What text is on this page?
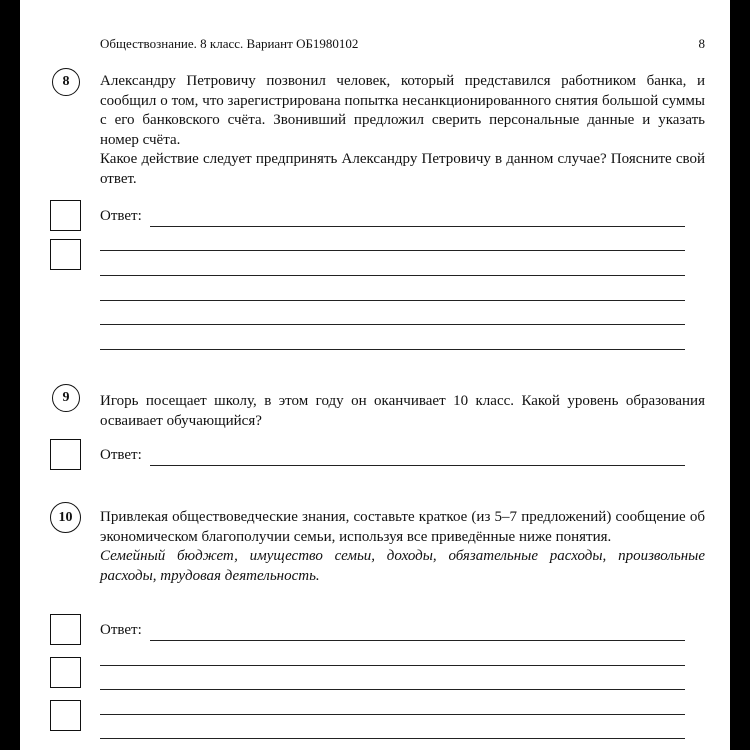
Обществознание. 8 класс. Вариант ОБ1980102	8
8	Александру Петровичу позвонил человек, который представился работником банка, и сообщил о том, что зарегистрирована попытка несанкционированного снятия большой суммы с его банковского счёта. Звонивший предложил сверить персональные данные и указать номер счёта.

Какое действие следует предпринять Александру Петровичу в данном случае? Поясните свой ответ.

Ответ:
9	Игорь посещает школу, в этом году он оканчивает 10 класс. Какой уровень образования осваивает обучающийся?

Ответ:
10	Привлекая обществоведческие знания, составьте краткое (из 5–7 предложений) сообщение об экономическом благополучии семьи, используя все приведённые ниже понятия.

Семейный бюджет, имущество семьи, доходы, обязательные расходы, произвольные расходы, трудовая деятельность.

Ответ:
